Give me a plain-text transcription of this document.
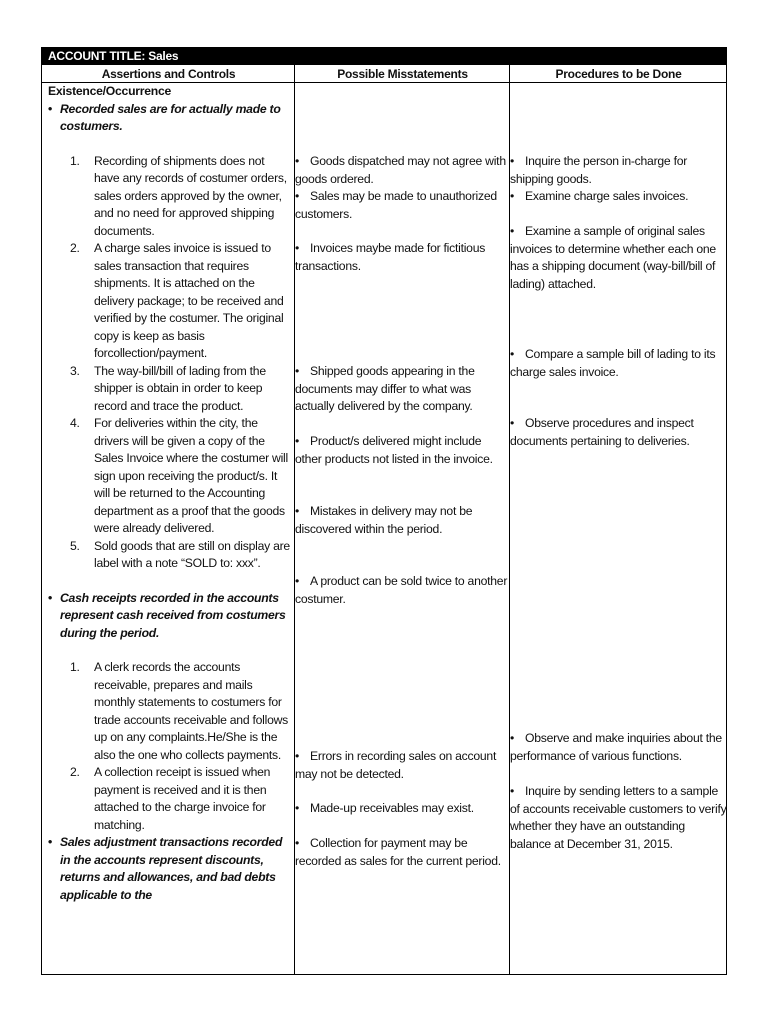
ACCOUNT TITLE: Sales
Assertions and Controls	Possible Misstatements	Procedures to be Done
Existence/Occurrence
• Recorded sales are for actually made to costumers.
1. Recording of shipments does not have any records of costumer orders, sales orders approved by the owner, and no need for approved shipping documents.
2. A charge sales invoice is issued to sales transaction that requires shipments. It is attached on the delivery package; to be received and verified by the costumer. The original copy is keep as basis forcollection/payment.
3. The way-bill/bill of lading from the shipper is obtain in order to keep record and trace the product.
4. For deliveries within the city, the drivers will be given a copy of the Sales Invoice where the costumer will sign upon receiving the product/s. It will be returned to the Accounting department as a proof that the goods were already delivered.
5. Sold goods that are still on display are label with a note “SOLD to: xxx”.
• Cash receipts recorded in the accounts represent cash received from costumers during the period.
1. A clerk records the accounts receivable, prepares and mails monthly statements to costumers for trade accounts receivable and follows up on any complaints.He/She is the also the one who collects payments.
2. A collection receipt is issued when payment is received and it is then attached to the charge invoice for matching.
• Sales adjustment transactions recorded in the accounts represent discounts, returns and allowances, and bad debts applicable to the
• Goods dispatched may not agree with goods ordered.
• Sales may be made to unauthorized customers.
• Invoices maybe made for fictitious transactions.
• Shipped goods appearing in the documents may differ to what was actually delivered by the company.
• Product/s delivered might include other products not listed in the invoice.
• Mistakes in delivery may not be discovered within the period.
• A product can be sold twice to another costumer.
• Errors in recording sales on account may not be detected.
• Made-up receivables may exist.
• Collection for payment may be recorded as sales for the current period.
• Inquire the person in-charge for shipping goods.
• Examine charge sales invoices.
• Examine a sample of original sales invoices to determine whether each one has a shipping document (way-bill/bill of lading) attached.
• Compare a sample bill of lading to its charge sales invoice.
• Observe procedures and inspect documents pertaining to deliveries.
• Observe and make inquiries about the performance of various functions.
• Inquire by sending letters to a sample of accounts receivable customers to verify whether they have an outstanding balance at December 31, 2015.
